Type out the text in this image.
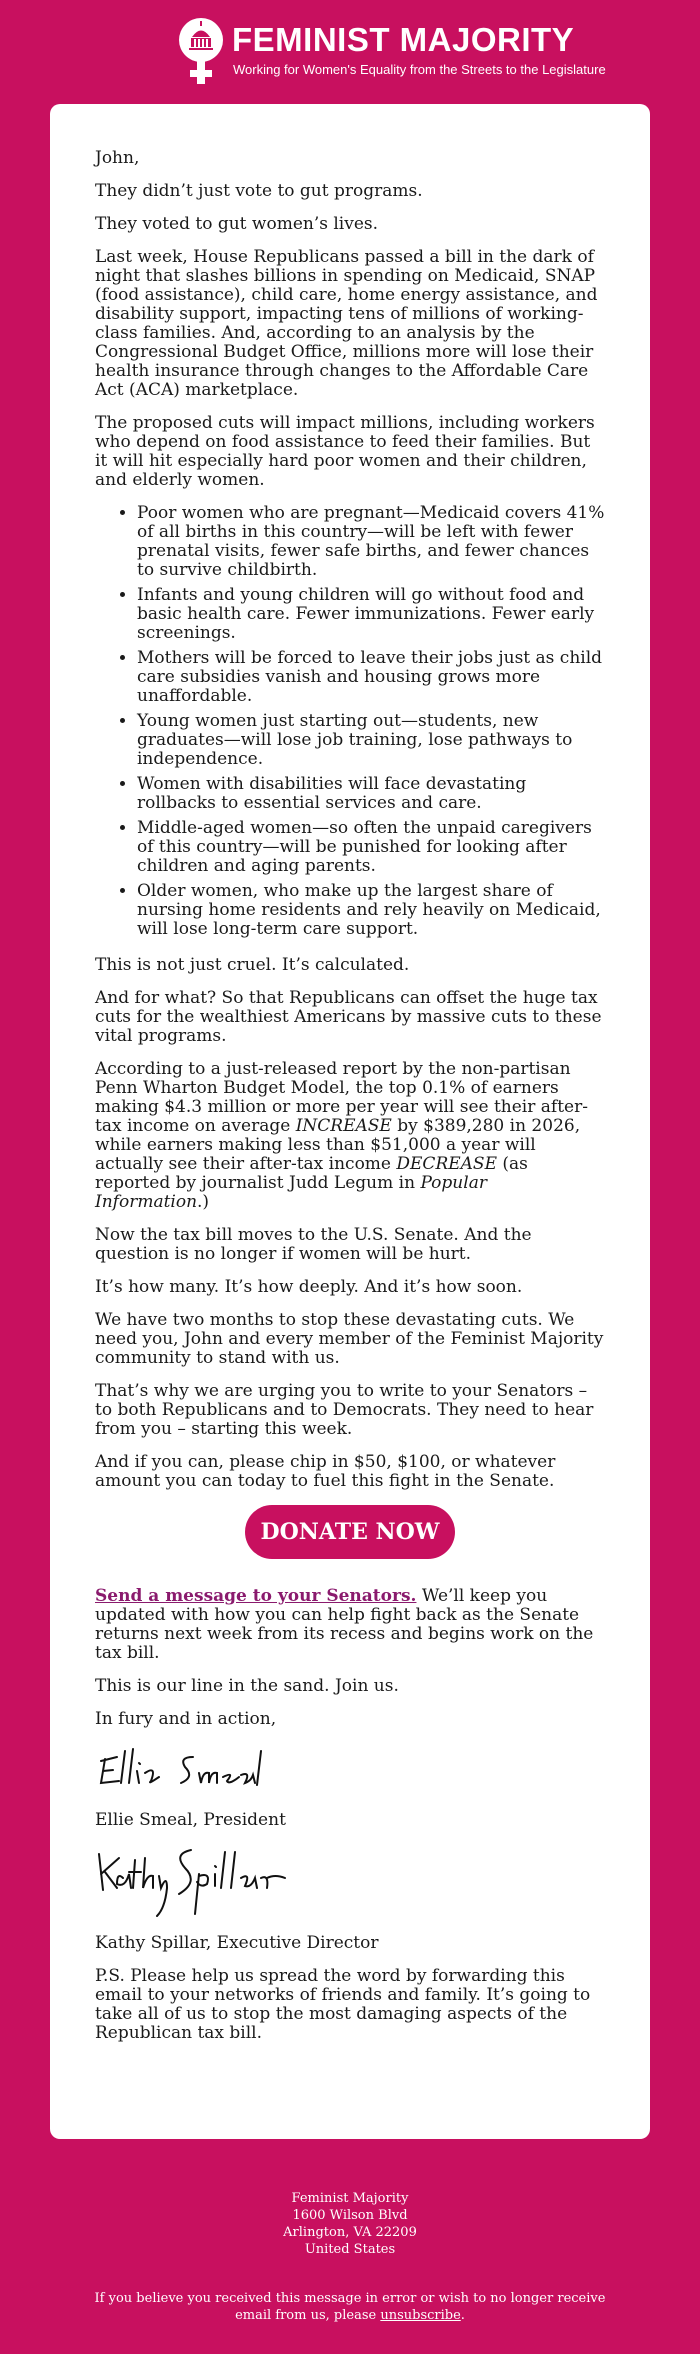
FEMINIST MAJORITY
Working for Women's Equality from the Streets to the Legislature

John,

They didn’t just vote to gut programs.

They voted to gut women’s lives.

Last week, House Republicans passed a bill in the dark of night that slashes billions in spending on Medicaid, SNAP (food assistance), child care, home energy assistance, and disability support, impacting tens of millions of working-class families. And, according to an analysis by the Congressional Budget Office, millions more will lose their health insurance through changes to the Affordable Care Act (ACA) marketplace.

The proposed cuts will impact millions, including workers who depend on food assistance to feed their families. But it will hit especially hard poor women and their children, and elderly women.

• Poor women who are pregnant—Medicaid covers 41% of all births in this country—will be left with fewer prenatal visits, fewer safe births, and fewer chances to survive childbirth.
• Infants and young children will go without food and basic health care. Fewer immunizations. Fewer early screenings.
• Mothers will be forced to leave their jobs just as child care subsidies vanish and housing grows more unaffordable.
• Young women just starting out—students, new graduates—will lose job training, lose pathways to independence.
• Women with disabilities will face devastating rollbacks to essential services and care.
• Middle-aged women—so often the unpaid caregivers of this country—will be punished for looking after children and aging parents.
• Older women, who make up the largest share of nursing home residents and rely heavily on Medicaid, will lose long-term care support.

This is not just cruel. It’s calculated.

And for what? So that Republicans can offset the huge tax cuts for the wealthiest Americans by massive cuts to these vital programs.

According to a just-released report by the non-partisan Penn Wharton Budget Model, the top 0.1% of earners making $4.3 million or more per year will see their after-tax income on average INCREASE by $389,280 in 2026, while earners making less than $51,000 a year will actually see their after-tax income DECREASE (as reported by journalist Judd Legum in Popular Information.)

Now the tax bill moves to the U.S. Senate. And the question is no longer if women will be hurt.

It’s how many. It’s how deeply. And it’s how soon.

We have two months to stop these devastating cuts. We need you, John and every member of the Feminist Majority community to stand with us.

That’s why we are urging you to write to your Senators – to both Republicans and to Democrats. They need to hear from you – starting this week.

And if you can, please chip in $50, $100, or whatever amount you can today to fuel this fight in the Senate.

DONATE NOW

Send a message to your Senators. We’ll keep you updated with how you can help fight back as the Senate returns next week from its recess and begins work on the tax bill.

This is our line in the sand. Join us.

In fury and in action,

Ellie Smeal, President

Kathy Spillar, Executive Director

P.S. Please help us spread the word by forwarding this email to your networks of friends and family. It’s going to take all of us to stop the most damaging aspects of the Republican tax bill.

Feminist Majority
1600 Wilson Blvd
Arlington, VA 22209
United States
If you believe you received this message in error or wish to no longer receive email from us, please unsubscribe.
